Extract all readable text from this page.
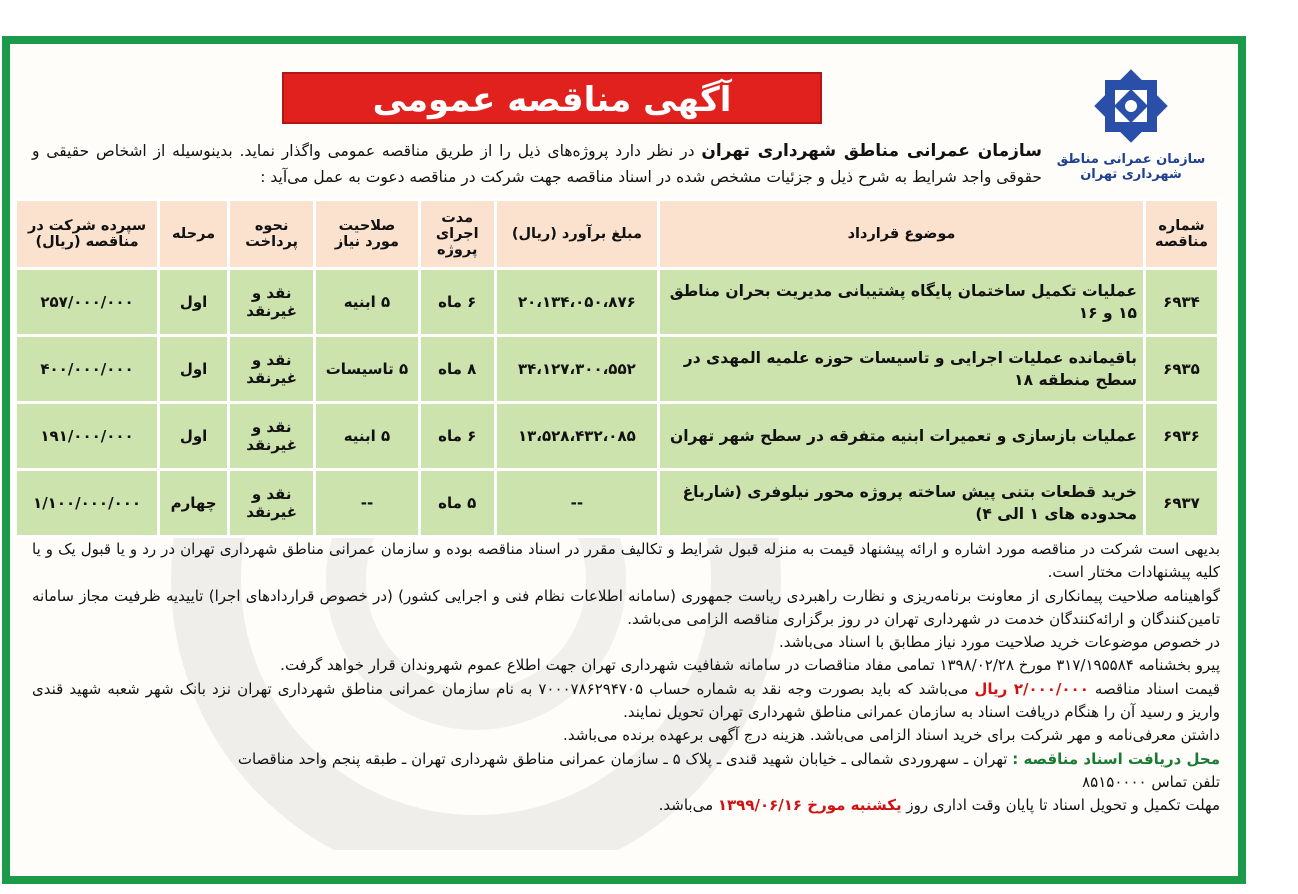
آگهی مناقصه عمومی
سازمان عمرانی مناطق شهرداری تهران
سازمان عمرانی مناطق شهرداری تهران در نظر دارد پروژه‌های ذیل را از طریق مناقصه عمومی واگذار نماید. بدینوسیله از اشخاص حقیقی و حقوقی واجد شرایط به شرح ذیل و جزئیات مشخص شده در اسناد مناقصه جهت شرکت در مناقصه دعوت به عمل می‌آید :
شماره مناقصه	موضوع قرارداد	مبلغ برآورد (ریال)	مدت اجرای پروژه	صلاحیت مورد نیاز	نحوه پرداخت	مرحله	سپرده شرکت در مناقصه (ریال)
۶۹۳۴	عملیات تکمیل ساختمان پایگاه پشتیبانی مدیریت بحران مناطق ۱۵ و ۱۶	۲۰،۱۳۴،۰۵۰،۸۷۶	۶ ماه	۵ ابنیه	نقد و غیرنقد	اول	۲۵۷/۰۰۰/۰۰۰
۶۹۳۵	باقیمانده عملیات اجرایی و تاسیسات حوزه علمیه المهدی در سطح منطقه ۱۸	۳۴،۱۲۷،۳۰۰،۵۵۲	۸ ماه	۵ تاسیسات	نقد و غیرنقد	اول	۴۰۰/۰۰۰/۰۰۰
۶۹۳۶	عملیات بازسازی و تعمیرات ابنیه متفرقه در سطح شهر تهران	۱۳،۵۲۸،۴۳۲،۰۸۵	۶ ماه	۵ ابنیه	نقد و غیرنقد	اول	۱۹۱/۰۰۰/۰۰۰
۶۹۳۷	خرید قطعات بتنی پیش ساخته پروژه محور نیلوفری (شارباغ محدوده های ۱ الی ۴)	--	۵ ماه	--	نقد و غیرنقد	چهارم	۱/۱۰۰/۰۰۰/۰۰۰

بدیهی است شرکت در مناقصه مورد اشاره و ارائه پیشنهاد قیمت به منزله قبول شرایط و تکالیف مقرر در اسناد مناقصه بوده و سازمان عمرانی مناطق شهرداری تهران در رد و یا قبول یک و یا کلیه پیشنهادات مختار است.

گواهینامه صلاحیت پیمانکاری از معاونت برنامه‌ریزی و نظارت راهبردی ریاست جمهوری (سامانه اطلاعات نظام فنی و اجرایی کشور) (در خصوص قراردادهای اجرا) تاییدیه ظرفیت مجاز سامانه تامین‌کنندگان و ارائه‌کنندگان خدمت در شهرداری تهران در روز برگزاری مناقصه الزامی می‌باشد.

در خصوص موضوعات خرید صلاحیت مورد نیاز مطابق با اسناد می‌باشد.

پیرو بخشنامه ۳۱۷/۱۹۵۵۸۴ مورخ ۱۳۹۸/۰۲/۲۸ تمامی مفاد مناقصات در سامانه شفافیت شهرداری تهران جهت اطلاع عموم شهروندان قرار خواهد گرفت.

قیمت اسناد مناقصه ۲/۰۰۰/۰۰۰ ریال می‌باشد که باید بصورت وجه نقد به شماره حساب ۷۰۰۰۷۸۶۲۹۴۷۰۵ به نام سازمان عمرانی مناطق شهرداری تهران نزد بانک شهر شعبه شهید قندی واریز و رسید آن را هنگام دریافت اسناد به سازمان عمرانی مناطق شهرداری تهران تحویل نمایند.

داشتن معرفی‌نامه و مهر شرکت برای خرید اسناد الزامی می‌باشد. هزینه درج آگهی برعهده برنده می‌باشد.

محل دریافت اسناد مناقصه : تهران ـ سهروردی شمالی ـ خیابان شهید قندی ـ پلاک ۵ ـ سازمان عمرانی مناطق شهرداری تهران ـ طبقه پنجم واحد مناقصات

تلفن تماس ۸۵۱۵۰۰۰۰

مهلت تکمیل و تحویل اسناد تا پایان وقت اداری روز یکشنبه مورخ ۱۳۹۹/۰۶/۱۶ می‌باشد.
